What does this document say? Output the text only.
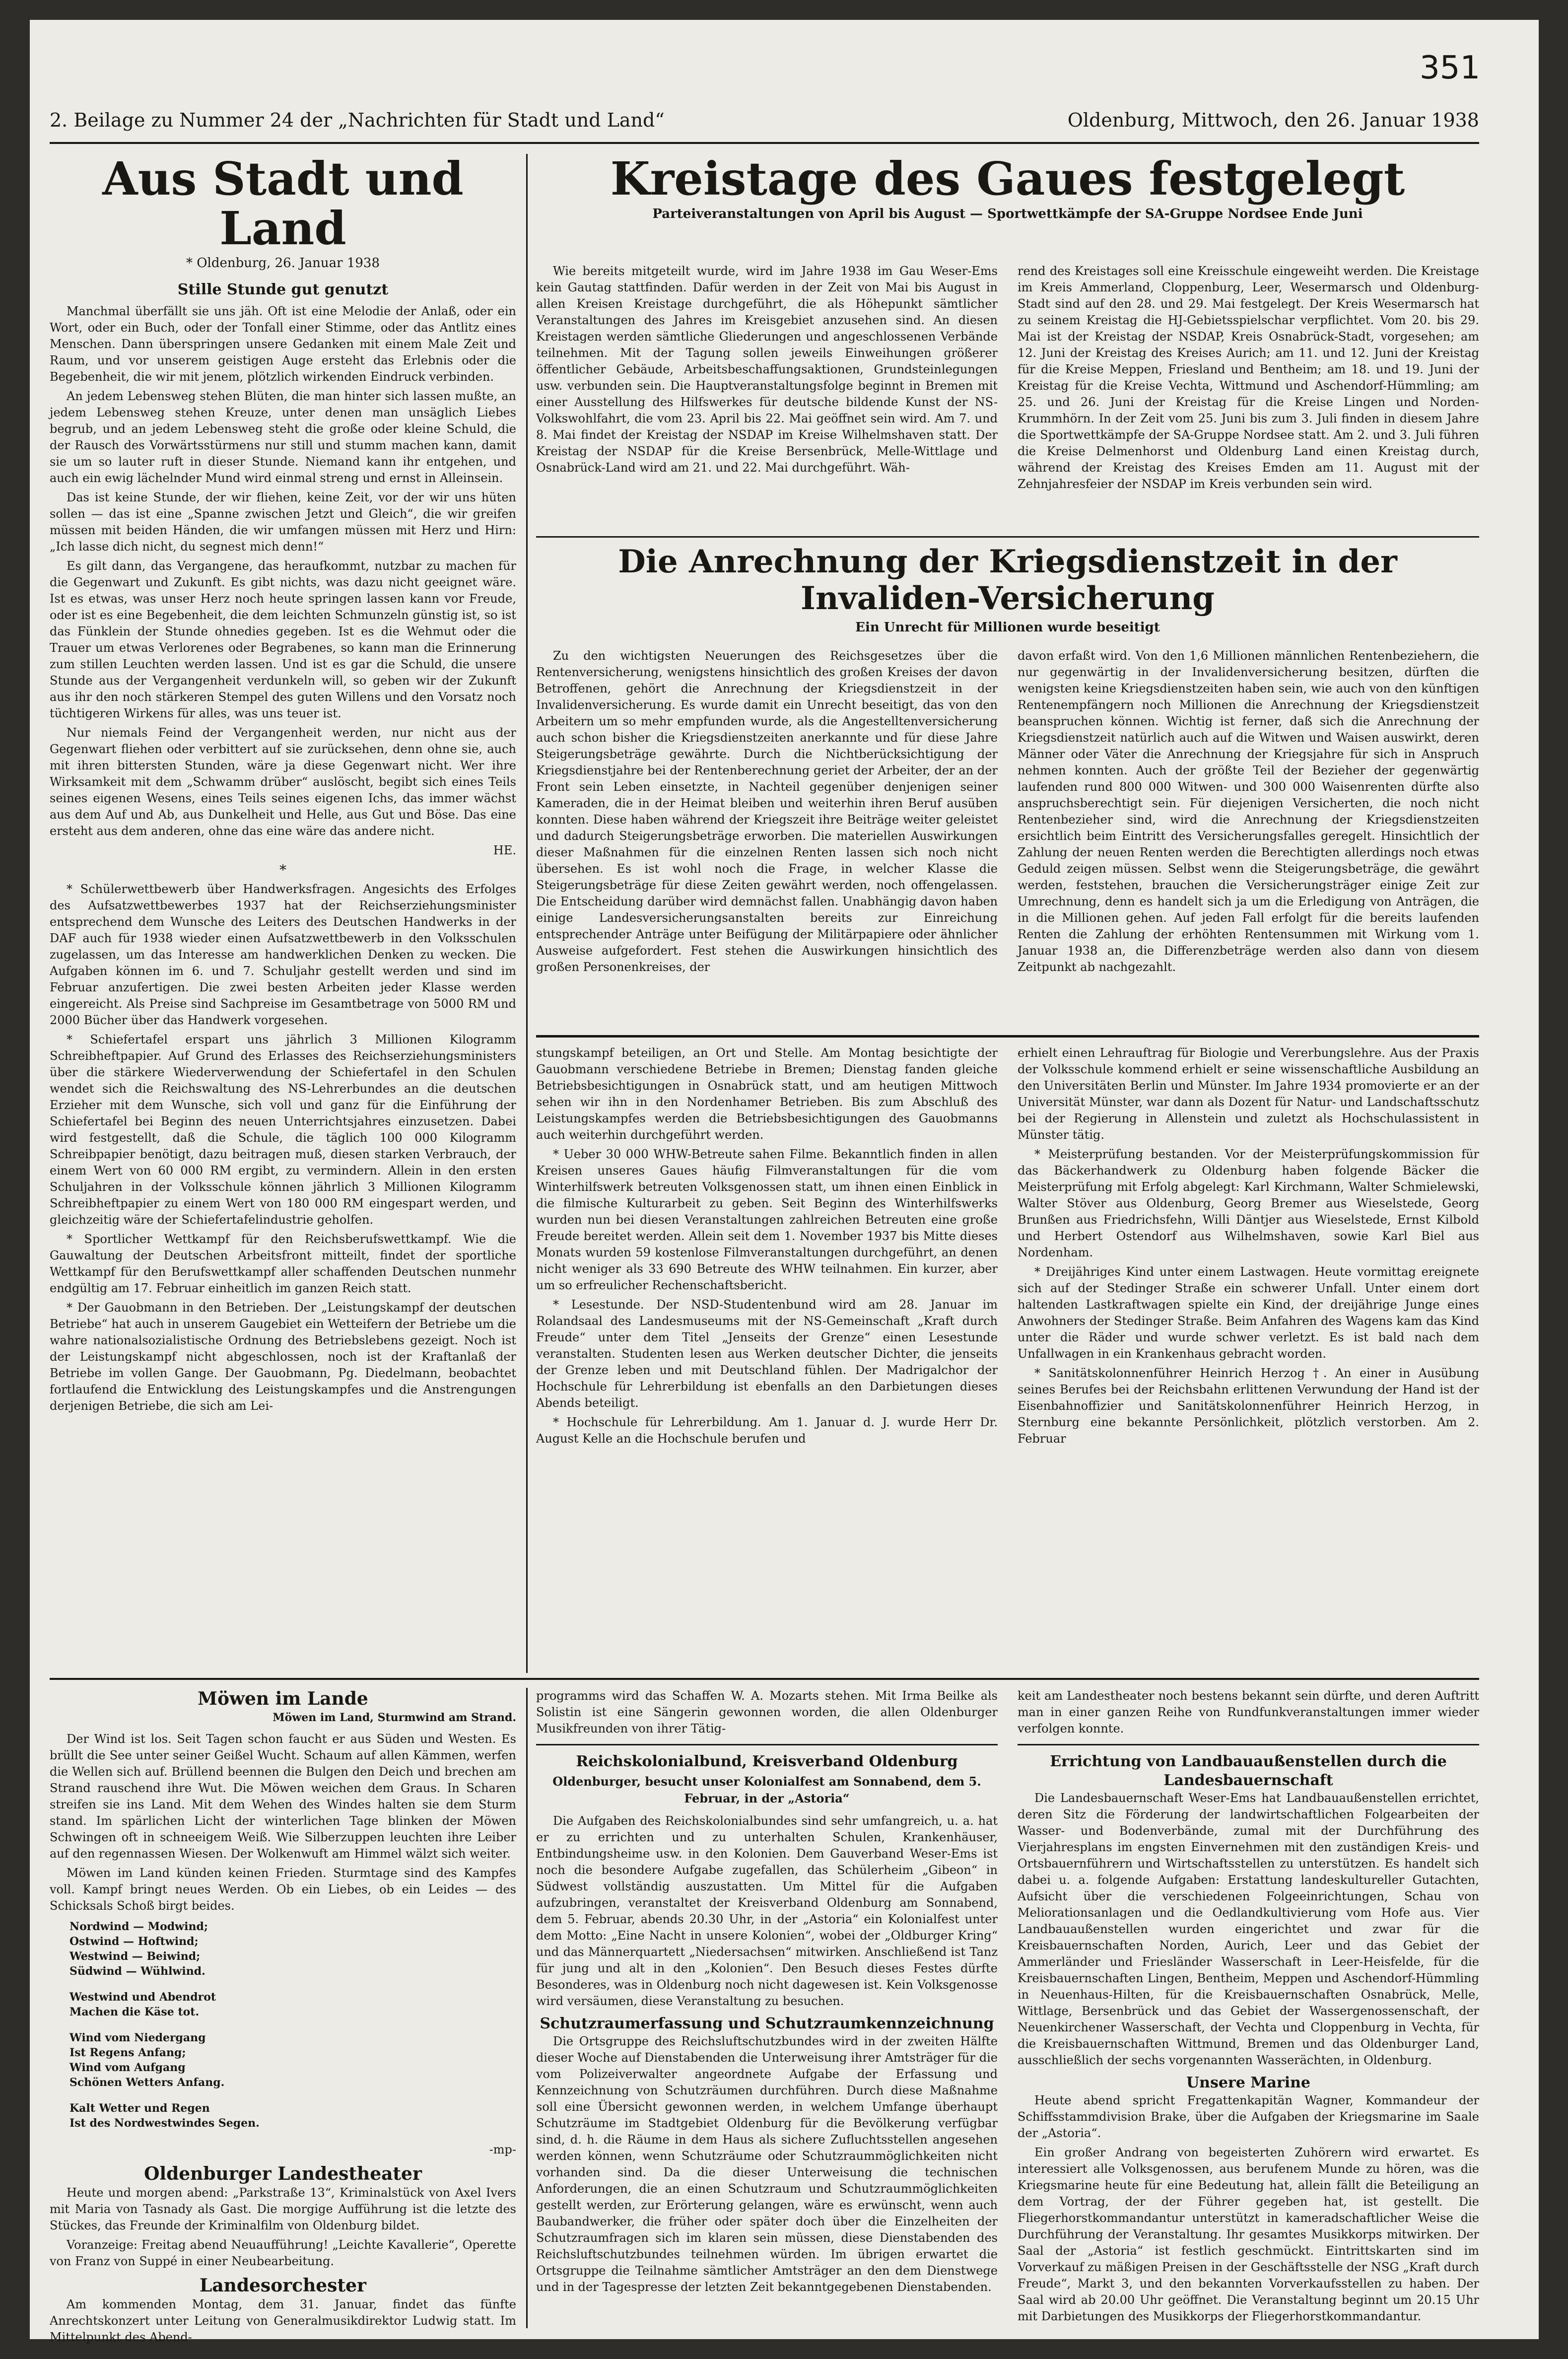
351
2. Beilage zu Nummer 24 der „Nachrichten für Stadt und Land“	Oldenburg, Mittwoch, den 26. Januar 1938
Aus Stadt und Land
* Oldenburg, 26. Januar 1938
Stille Stunde gut genutzt

Manchmal überfällt sie uns jäh. Oft ist eine Melodie der Anlaß, oder ein Wort, oder ein Buch, oder der Tonfall einer Stimme, oder das Antlitz eines Menschen. Dann überspringen unsere Gedanken mit einem Male Zeit und Raum, und vor unserem geistigen Auge ersteht das Erlebnis oder die Begebenheit, die wir mit jenem, plötzlich wirkenden Eindruck verbinden.

An jedem Lebensweg stehen Blüten, die man hinter sich lassen mußte, an jedem Lebensweg stehen Kreuze, unter denen man unsäglich Liebes begrub, und an jedem Lebensweg steht die große oder kleine Schuld, die der Rausch des Vorwärtsstürmens nur still und stumm machen kann, damit sie um so lauter ruft in dieser Stunde. Niemand kann ihr entgehen, und auch ein ewig lächelnder Mund wird einmal streng und ernst in Alleinsein.

Das ist keine Stunde, der wir fliehen, keine Zeit, vor der wir uns hüten sollen — das ist eine „Spanne zwischen Jetzt und Gleich“, die wir greifen müssen mit beiden Händen, die wir umfangen müssen mit Herz und Hirn: „Ich lasse dich nicht, du segnest mich denn!“

Es gilt dann, das Vergangene, das heraufkommt, nutzbar zu machen für die Gegenwart und Zukunft. Es gibt nichts, was dazu nicht geeignet wäre. Ist es etwas, was unser Herz noch heute springen lassen kann vor Freude, oder ist es eine Begebenheit, die dem leichten Schmunzeln günstig ist, so ist das Fünklein der Stunde ohnedies gegeben. Ist es die Wehmut oder die Trauer um etwas Verlorenes oder Begrabenes, so kann man die Erinnerung zum stillen Leuchten werden lassen. Und ist es gar die Schuld, die unsere Stunde aus der Vergangenheit verdunkeln will, so geben wir der Zukunft aus ihr den noch stärkeren Stempel des guten Willens und den Vorsatz noch tüchtigeren Wirkens für alles, was uns teuer ist.

Nur niemals Feind der Vergangenheit werden, nur nicht aus der Gegenwart fliehen oder verbittert auf sie zurücksehen, denn ohne sie, auch mit ihren bittersten Stunden, wäre ja diese Gegenwart nicht. Wer ihre Wirksamkeit mit dem „Schwamm drüber“ auslöscht, begibt sich eines Teils seines eigenen Wesens, eines Teils seines eigenen Ichs, das immer wächst aus dem Auf und Ab, aus Dunkelheit und Helle, aus Gut und Böse. Das eine ersteht aus dem anderen, ohne das eine wäre das andere nicht.

HE.
*

* Schülerwettbewerb über Handwerksfragen. Angesichts des Erfolges des Aufsatzwettbewerbes 1937 hat der Reichserziehungsminister entsprechend dem Wunsche des Leiters des Deutschen Handwerks in der DAF auch für 1938 wieder einen Aufsatzwettbewerb in den Volksschulen zugelassen, um das Interesse am handwerklichen Denken zu wecken. Die Aufgaben können im 6. und 7. Schuljahr gestellt werden und sind im Februar anzufertigen. Die zwei besten Arbeiten jeder Klasse werden eingereicht. Als Preise sind Sachpreise im Gesamtbetrage von 5000 RM und 2000 Bücher über das Handwerk vorgesehen.

* Schiefertafel erspart uns jährlich 3 Millionen Kilogramm Schreibheftpapier. Auf Grund des Erlasses des Reichserziehungsministers über die stärkere Wiederverwendung der Schiefertafel in den Schulen wendet sich die Reichswaltung des NS-Lehrerbundes an die deutschen Erzieher mit dem Wunsche, sich voll und ganz für die Einführung der Schiefertafel bei Beginn des neuen Unterrichtsjahres einzusetzen. Dabei wird festgestellt, daß die Schule, die täglich 100 000 Kilogramm Schreibpapier benötigt, dazu beitragen muß, diesen starken Verbrauch, der einem Wert von 60 000 RM ergibt, zu vermindern. Allein in den ersten Schuljahren in der Volksschule können jährlich 3 Millionen Kilogramm Schreibheftpapier zu einem Wert von 180 000 RM eingespart werden, und gleichzeitig wäre der Schiefertafelindustrie geholfen.

* Sportlicher Wettkampf für den Reichsberufswettkampf. Wie die Gauwaltung der Deutschen Arbeitsfront mitteilt, findet der sportliche Wettkampf für den Berufswettkampf aller schaffenden Deutschen nunmehr endgültig am 17. Februar einheitlich im ganzen Reich statt.

* Der Gauobmann in den Betrieben. Der „Leistungskampf der deutschen Betriebe“ hat auch in unserem Gaugebiet ein Wetteifern der Betriebe um die wahre nationalsozialistische Ordnung des Betriebslebens gezeigt. Noch ist der Leistungskampf nicht abgeschlossen, noch ist der Kraftanlaß der Betriebe im vollen Gange. Der Gauobmann, Pg. Diedelmann, beobachtet fortlaufend die Entwicklung des Leistungskampfes und die Anstrengungen derjenigen Betriebe, die sich am Lei-

Kreistage des Gaues festgelegt
Parteiveranstaltungen von April bis August — Sportwettkämpfe der SA-Gruppe Nordsee Ende Juni

Wie bereits mitgeteilt wurde, wird im Jahre 1938 im Gau Weser-Ems kein Gautag stattfinden. Dafür werden in der Zeit von Mai bis August in allen Kreisen Kreistage durchgeführt, die als Höhepunkt sämtlicher Veranstaltungen des Jahres im Kreisgebiet anzusehen sind. An diesen Kreistagen werden sämtliche Gliederungen und angeschlossenen Verbände teilnehmen. Mit der Tagung sollen jeweils Einweihungen größerer öffentlicher Gebäude, Arbeitsbeschaffungsaktionen, Grundsteinlegungen usw. verbunden sein. Die Hauptveranstaltungsfolge beginnt in Bremen mit einer Ausstellung des Hilfswerkes für deutsche bildende Kunst der NS-Volkswohlfahrt, die vom 23. April bis 22. Mai geöffnet sein wird. Am 7. und 8. Mai findet der Kreistag der NSDAP im Kreise Wilhelmshaven statt. Der Kreistag der NSDAP für die Kreise Bersenbrück, Melle-Wittlage und Osnabrück-Land wird am 21. und 22. Mai durchgeführt. Wäh-

rend des Kreistages soll eine Kreisschule eingeweiht werden. Die Kreistage im Kreis Ammerland, Cloppenburg, Leer, Wesermarsch und Oldenburg-Stadt sind auf den 28. und 29. Mai festgelegt. Der Kreis Wesermarsch hat zu seinem Kreistag die HJ-Gebietsspielschar verpflichtet. Vom 20. bis 29. Mai ist der Kreistag der NSDAP, Kreis Osnabrück-Stadt, vorgesehen; am 12. Juni der Kreistag des Kreises Aurich; am 11. und 12. Juni der Kreistag für die Kreise Meppen, Friesland und Bentheim; am 18. und 19. Juni der Kreistag für die Kreise Vechta, Wittmund und Aschendorf-Hümmling; am 25. und 26. Juni der Kreistag für die Kreise Lingen und Norden-Krummhörn. In der Zeit vom 25. Juni bis zum 3. Juli finden in diesem Jahre die Sportwettkämpfe der SA-Gruppe Nordsee statt. Am 2. und 3. Juli führen die Kreise Delmenhorst und Oldenburg Land einen Kreistag durch, während der Kreistag des Kreises Emden am 11. August mit der Zehnjahresfeier der NSDAP im Kreis verbunden sein wird.

Die Anrechnung der Kriegsdienstzeit in der Invaliden-Versicherung
Ein Unrecht für Millionen wurde beseitigt

Zu den wichtigsten Neuerungen des Reichsgesetzes über die Rentenversicherung, wenigstens hinsichtlich des großen Kreises der davon Betroffenen, gehört die Anrechnung der Kriegsdienstzeit in der Invalidenversicherung. Es wurde damit ein Unrecht beseitigt, das von den Arbeitern um so mehr empfunden wurde, als die Angestelltenversicherung auch schon bisher die Kriegsdienstzeiten anerkannte und für diese Jahre Steigerungsbeträge gewährte. Durch die Nichtberücksichtigung der Kriegsdienstjahre bei der Rentenberechnung geriet der Arbeiter, der an der Front sein Leben einsetzte, in Nachteil gegenüber denjenigen seiner Kameraden, die in der Heimat bleiben und weiterhin ihren Beruf ausüben konnten. Diese haben während der Kriegszeit ihre Beiträge weiter geleistet und dadurch Steigerungsbeträge erworben. Die materiellen Auswirkungen dieser Maßnahmen für die einzelnen Renten lassen sich noch nicht übersehen. Es ist wohl noch die Frage, in welcher Klasse die Steigerungsbeträge für diese Zeiten gewährt werden, noch offengelassen. Die Entscheidung darüber wird demnächst fallen. Unabhängig davon haben einige Landesversicherungsanstalten bereits zur Einreichung entsprechender Anträge unter Beifügung der Militärpapiere oder ähnlicher Ausweise aufgefordert. Fest stehen die Auswirkungen hinsichtlich des großen Personenkreises, der

davon erfaßt wird. Von den 1,6 Millionen männlichen Rentenbeziehern, die nur gegenwärtig in der Invalidenversicherung besitzen, dürften die wenigsten keine Kriegsdienstzeiten haben sein, wie auch von den künftigen Rentenempfängern noch Millionen die Anrechnung der Kriegsdienstzeit beanspruchen können. Wichtig ist ferner, daß sich die Anrechnung der Kriegsdienstzeit natürlich auch auf die Witwen und Waisen auswirkt, deren Männer oder Väter die Anrechnung der Kriegsjahre für sich in Anspruch nehmen konnten. Auch der größte Teil der Bezieher der gegenwärtig laufenden rund 800 000 Witwen- und 300 000 Waisenrenten dürfte also anspruchsberechtigt sein. Für diejenigen Versicherten, die noch nicht Rentenbezieher sind, wird die Anrechnung der Kriegsdienstzeiten ersichtlich beim Eintritt des Versicherungsfalles geregelt. Hinsichtlich der Zahlung der neuen Renten werden die Berechtigten allerdings noch etwas Geduld zeigen müssen. Selbst wenn die Steigerungsbeträge, die gewährt werden, feststehen, brauchen die Versicherungsträger einige Zeit zur Umrechnung, denn es handelt sich ja um die Erledigung von Anträgen, die in die Millionen gehen. Auf jeden Fall erfolgt für die bereits laufenden Renten die Zahlung der erhöhten Rentensummen mit Wirkung vom 1. Januar 1938 an, die Differenzbeträge werden also dann von diesem Zeitpunkt ab nachgezahlt.

stungskampf beteiligen, an Ort und Stelle. Am Montag besichtigte der Gauobmann verschiedene Betriebe in Bremen; Dienstag fanden gleiche Betriebsbesichtigungen in Osnabrück statt, und am heutigen Mittwoch sehen wir ihn in den Nordenhamer Betrieben. Bis zum Abschluß des Leistungskampfes werden die Betriebsbesichtigungen des Gauobmanns auch weiterhin durchgeführt werden.

* Ueber 30 000 WHW-Betreute sahen Filme. Bekanntlich finden in allen Kreisen unseres Gaues häufig Filmveranstaltungen für die vom Winterhilfswerk betreuten Volksgenossen statt, um ihnen einen Einblick in die filmische Kulturarbeit zu geben. Seit Beginn des Winterhilfswerks wurden nun bei diesen Veranstaltungen zahlreichen Betreuten eine große Freude bereitet werden. Allein seit dem 1. November 1937 bis Mitte dieses Monats wurden 59 kostenlose Filmveranstaltungen durchgeführt, an denen nicht weniger als 33 690 Betreute des WHW teilnahmen. Ein kurzer, aber um so erfreulicher Rechenschaftsbericht.

* Lesestunde. Der NSD-Studentenbund wird am 28. Januar im Rolandsaal des Landesmuseums mit der NS-Gemeinschaft „Kraft durch Freude“ unter dem Titel „Jenseits der Grenze“ einen Lesestunde veranstalten. Studenten lesen aus Werken deutscher Dichter, die jenseits der Grenze leben und mit Deutschland fühlen. Der Madrigalchor der Hochschule für Lehrerbildung ist ebenfalls an den Darbietungen dieses Abends beteiligt.

* Hochschule für Lehrerbildung. Am 1. Januar d. J. wurde Herr Dr. August Kelle an die Hochschule berufen und

erhielt einen Lehrauftrag für Biologie und Vererbungslehre. Aus der Praxis der Volksschule kommend erhielt er seine wissenschaftliche Ausbildung an den Universitäten Berlin und Münster. Im Jahre 1934 promovierte er an der Universität Münster, war dann als Dozent für Natur- und Landschaftsschutz bei der Regierung in Allenstein und zuletzt als Hochschulassistent in Münster tätig.

* Meisterprüfung bestanden. Vor der Meisterprüfungskommission für das Bäckerhandwerk zu Oldenburg haben folgende Bäcker die Meisterprüfung mit Erfolg abgelegt: Karl Kirchmann, Walter Schmielewski, Walter Stöver aus Oldenburg, Georg Bremer aus Wieselstede, Georg Brunßen aus Friedrichsfehn, Willi Däntjer aus Wieselstede, Ernst Kilbold und Herbert Ostendorf aus Wilhelmshaven, sowie Karl Biel aus Nordenham.

* Dreijähriges Kind unter einem Lastwagen. Heute vormittag ereignete sich auf der Stedinger Straße ein schwerer Unfall. Unter einem dort haltenden Lastkraftwagen spielte ein Kind, der dreijährige Junge eines Anwohners der Stedinger Straße. Beim Anfahren des Wagens kam das Kind unter die Räder und wurde schwer verletzt. Es ist bald nach dem Unfallwagen in ein Krankenhaus gebracht worden.

* Sanitätskolonnenführer Heinrich Herzog †. An einer in Ausübung seines Berufes bei der Reichsbahn erlittenen Verwundung der Hand ist der Eisenbahnoffizier und Sanitätskolonnenführer Heinrich Herzog, in Sternburg eine bekannte Persönlichkeit, plötzlich verstorben. Am 2. Februar

Möwen im Lande
Möwen im Land, Sturmwind am Strand.

Der Wind ist los. Seit Tagen schon faucht er aus Süden und Westen. Es brüllt die See unter seiner Geißel Wucht. Schaum auf allen Kämmen, werfen die Wellen sich auf. Brüllend beennen die Bulgen den Deich und brechen am Strand rauschend ihre Wut. Die Möwen weichen dem Graus. In Scharen streifen sie ins Land. Mit dem Wehen des Windes halten sie dem Sturm stand. Im spärlichen Licht der winterlichen Tage blinken der Möwen Schwingen oft in schneeigem Weiß. Wie Silberzuppen leuchten ihre Leiber auf den regennassen Wiesen. Der Wolkenwuft am Himmel wälzt sich weiter.

Möwen im Land künden keinen Frieden. Sturmtage sind des Kampfes voll. Kampf bringt neues Werden. Ob ein Liebes, ob ein Leides — des Schicksals Schoß birgt beides.

Nordwind — Modwind;
Ostwind — Hoftwind;
Westwind — Beiwind;
Südwind — Wühlwind.
Westwind und Abendrot
Machen die Käse tot.
Wind vom Niedergang
Ist Regens Anfang;
Wind vom Aufgang
Schönen Wetters Anfang.
Kalt Wetter und Regen
Ist des Nordwestwindes Segen.
-mp-
Oldenburger Landestheater

Heute und morgen abend: „Parkstraße 13“, Kriminalstück von Axel Ivers mit Maria von Tasnady als Gast. Die morgige Aufführung ist die letzte des Stückes, das Freunde der Kriminalfilm von Oldenburg bildet.

Voranzeige: Freitag abend Neuaufführung! „Leichte Kavallerie“, Operette von Franz von Suppé in einer Neubearbeitung.

Landesorchester

Am kommenden Montag, dem 31. Januar, findet das fünfte Anrechtskonzert unter Leitung von Generalmusikdirektor Ludwig statt. Im Mittelpunkt des Abend-

programms wird das Schaffen W. A. Mozarts stehen. Mit Irma Beilke als Solistin ist eine Sängerin gewonnen worden, die allen Oldenburger Musikfreunden von ihrer Tätig-

Reichskolonialbund, Kreisverband Oldenburg
Oldenburger, besucht unser Kolonialfest am Sonnabend, dem 5. Februar, in der „Astoria“

Die Aufgaben des Reichskolonialbundes sind sehr umfangreich, u. a. hat er zu errichten und zu unterhalten Schulen, Krankenhäuser, Entbindungsheime usw. in den Kolonien. Dem Gauverband Weser-Ems ist noch die besondere Aufgabe zugefallen, das Schülerheim „Gibeon“ in Südwest vollständig auszustatten. Um Mittel für die Aufgaben aufzubringen, veranstaltet der Kreisverband Oldenburg am Sonnabend, dem 5. Februar, abends 20.30 Uhr, in der „Astoria“ ein Kolonialfest unter dem Motto: „Eine Nacht in unsere Kolonien“, wobei der „Oldburger Kring“ und das Männerquartett „Niedersachsen“ mitwirken. Anschließend ist Tanz für jung und alt in den „Kolonien“. Den Besuch dieses Festes dürfte Besonderes, was in Oldenburg noch nicht dagewesen ist. Kein Volksgenosse wird versäumen, diese Veranstaltung zu besuchen.

Schutzraumerfassung und Schutzraumkennzeichnung

Die Ortsgruppe des Reichsluftschutzbundes wird in der zweiten Hälfte dieser Woche auf Dienstabenden die Unterweisung ihrer Amtsträger für die vom Polizeiverwalter angeordnete Aufgabe der Erfassung und Kennzeichnung von Schutzräumen durchführen. Durch diese Maßnahme soll eine Übersicht gewonnen werden, in welchem Umfange überhaupt Schutzräume im Stadtgebiet Oldenburg für die Bevölkerung verfügbar sind, d. h. die Räume in dem Haus als sichere Zufluchtsstellen angesehen werden können, wenn Schutzräume oder Schutzraummöglichkeiten nicht vorhanden sind. Da die dieser Unterweisung die technischen Anforderungen, die an einen Schutzraum und Schutzraummöglichkeiten gestellt werden, zur Erörterung gelangen, wäre es erwünscht, wenn auch Baubandwerker, die früher oder später doch über die Einzelheiten der Schutzraumfragen sich im klaren sein müssen, diese Dienstabenden des Reichsluftschutzbundes teilnehmen würden. Im übrigen erwartet die Ortsgruppe die Teilnahme sämtlicher Amtsträger an den dem Dienstwege und in der Tagespresse der letzten Zeit bekanntgegebenen Dienstabenden.

keit am Landestheater noch bestens bekannt sein dürfte, und deren Auftritt man in einer ganzen Reihe von Rundfunkveranstaltungen immer wieder verfolgen konnte.

Errichtung von Landbauaußenstellen durch die Landesbauernschaft

Die Landesbauernschaft Weser-Ems hat Landbauaußenstellen errichtet, deren Sitz die Förderung der landwirtschaftlichen Folgearbeiten der Wasser- und Bodenverbände, zumal mit der Durchführung des Vierjahresplans im engsten Einvernehmen mit den zuständigen Kreis- und Ortsbauernführern und Wirtschaftsstellen zu unterstützen. Es handelt sich dabei u. a. folgende Aufgaben: Erstattung landeskultureller Gutachten, Aufsicht über die verschiedenen Folgeeinrichtungen, Schau von Meliorationsanlagen und die Oedlandkultivierung vom Hofe aus. Vier Landbauaußenstellen wurden eingerichtet und zwar für die Kreisbauernschaften Norden, Aurich, Leer und das Gebiet der Ammerländer und Friesländer Wasserschaft in Leer-Heisfelde, für die Kreisbauernschaften Lingen, Bentheim, Meppen und Aschendorf-Hümmling in Neuenhaus-Hilten, für die Kreisbauernschaften Osnabrück, Melle, Wittlage, Bersenbrück und das Gebiet der Wassergenossenschaft, der Neuenkirchener Wasserschaft, der Vechta und Cloppenburg in Vechta, für die Kreisbauernschaften Wittmund, Bremen und das Oldenburger Land, ausschließlich der sechs vorgenannten Wasserächten, in Oldenburg.

Unsere Marine

Heute abend spricht Fregattenkapitän Wagner, Kommandeur der Schiffsstammdivision Brake, über die Aufgaben der Kriegsmarine im Saale der „Astoria“.

Ein großer Andrang von begeisterten Zuhörern wird erwartet. Es interessiert alle Volksgenossen, aus berufenem Munde zu hören, was die Kriegsmarine heute für eine Bedeutung hat, allein fällt die Beteiligung an dem Vortrag, der der Führer gegeben hat, ist gestellt. Die Fliegerhorstkommandantur unterstützt in kameradschaftlicher Weise die Durchführung der Veranstaltung. Ihr gesamtes Musikkorps mitwirken. Der Saal der „Astoria“ ist festlich geschmückt. Eintrittskarten sind im Vorverkauf zu mäßigen Preisen in der Geschäftsstelle der NSG „Kraft durch Freude“, Markt 3, und den bekannten Vorverkaufsstellen zu haben. Der Saal wird ab 20.00 Uhr geöffnet. Die Veranstaltung beginnt um 20.15 Uhr mit Darbietungen des Musikkorps der Fliegerhorstkommandantur.
